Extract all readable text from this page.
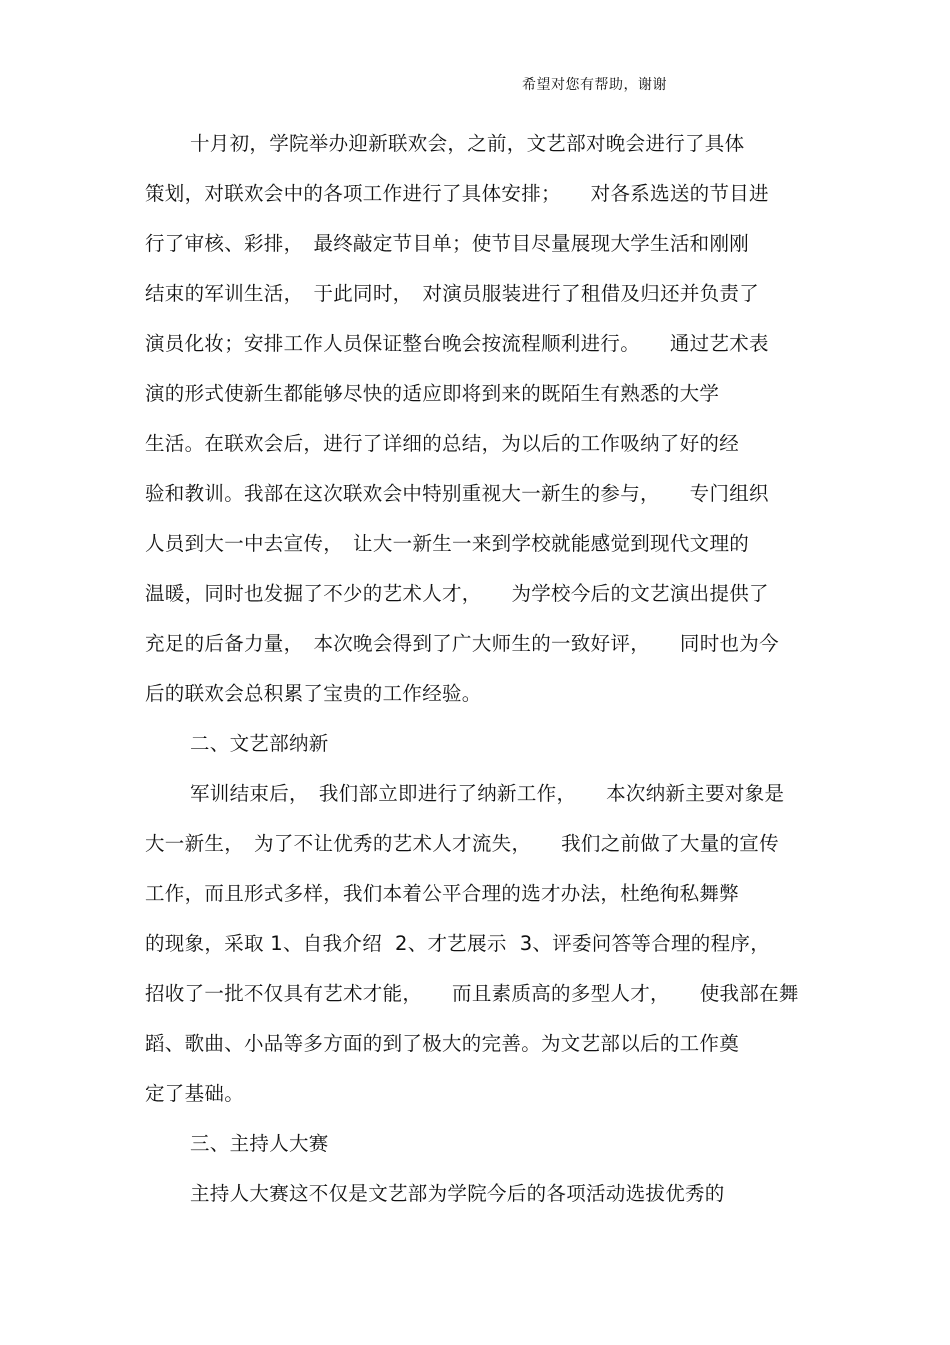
希望对您有帮助，谢谢
十月初，学院举办迎新联欢会，之前，文艺部对晚会进行了具体
策划，对联欢会中的各项工作进行了具体安排；　　对各系选送的节目进
行了审核、彩排，　最终敲定节目单；使节目尽量展现大学生活和刚刚
结束的军训生活，　于此同时，　对演员服装进行了租借及归还并负责了
演员化妆；安排工作人员保证整台晚会按流程顺利进行。　　通过艺术表
演的形式使新生都能够尽快的适应即将到来的既陌生有熟悉的大学
生活。在联欢会后，进行了详细的总结，为以后的工作吸纳了好的经
验和教训。我部在这次联欢会中特别重视大一新生的参与，　　专门组织
人员到大一中去宣传，　让大一新生一来到学校就能感觉到现代文理的
温暖，同时也发掘了不少的艺术人才，　　为学校今后的文艺演出提供了
充足的后备力量，　本次晚会得到了广大师生的一致好评，　　同时也为今
后的联欢会总积累了宝贵的工作经验。
二、文艺部纳新
军训结束后，　我们部立即进行了纳新工作，　　本次纳新主要对象是
大一新生，　为了不让优秀的艺术人才流失，　　我们之前做了大量的宣传
工作，而且形式多样，我们本着公平合理的选才办法，杜绝徇私舞弊
的现象，采取 1、自我介绍  2、才艺展示  3、评委问答等合理的程序，
招收了一批不仅具有艺术才能，　　而且素质高的多型人才，　　使我部在舞
蹈、歌曲、小品等多方面的到了极大的完善。为文艺部以后的工作奠
定了基础。
三、主持人大赛
主持人大赛这不仅是文艺部为学院今后的各项活动选拔优秀的
